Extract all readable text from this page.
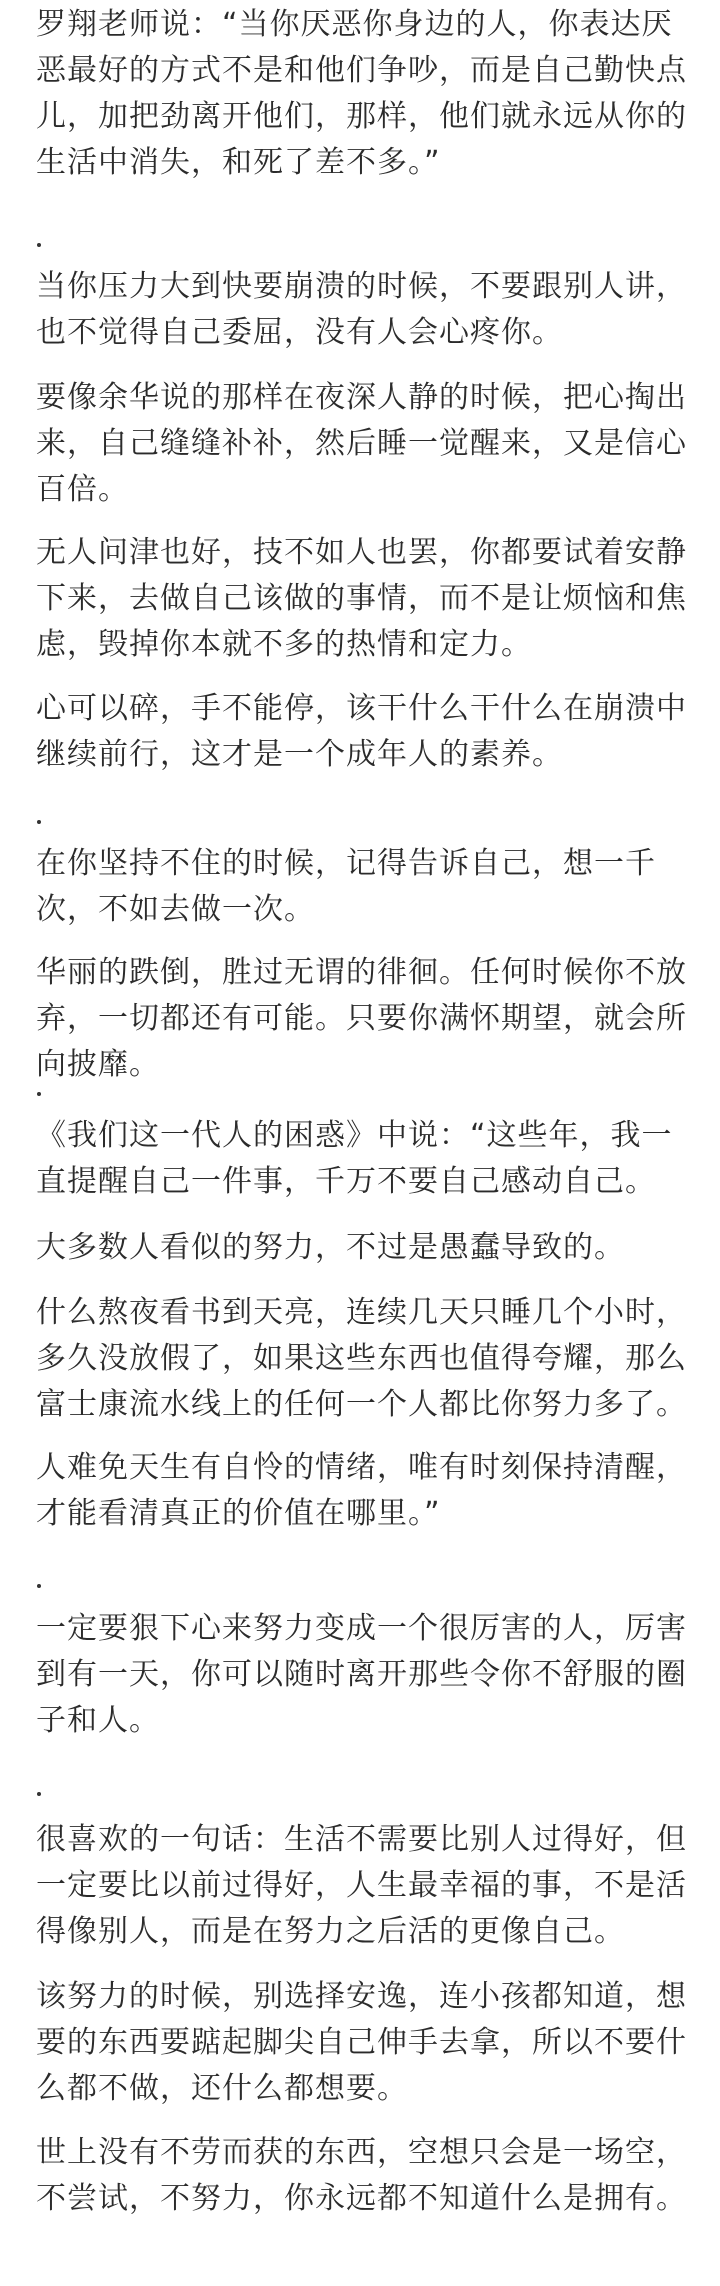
罗翔老师说：“当你厌恶你身边的人，你表达厌
恶最好的方式不是和他们争吵，而是自己勤快点
儿，加把劲离开他们，那样，他们就永远从你的
生活中消失，和死了差不多。”

当你压力大到快要崩溃的时候，不要跟别人讲，
也不觉得自己委屈，没有人会心疼你。

要像余华说的那样在夜深人静的时候，把心掏出
来，自己缝缝补补，然后睡一觉醒来，又是信心
百倍。

无人问津也好，技不如人也罢，你都要试着安静
下来，去做自己该做的事情，而不是让烦恼和焦
虑，毁掉你本就不多的热情和定力。

心可以碎，手不能停，该干什么干什么在崩溃中
继续前行，这才是一个成年人的素养。

在你坚持不住的时候，记得告诉自己，想一千
次，不如去做一次。

华丽的跌倒，胜过无谓的徘徊。任何时候你不放
弃，一切都还有可能。只要你满怀期望，就会所
向披靡。

《我们这一代人的困惑》中说：“这些年，我一
直提醒自己一件事，千万不要自己感动自己。

大多数人看似的努力，不过是愚蠢导致的。

什么熬夜看书到天亮，连续几天只睡几个小时，
多久没放假了，如果这些东西也值得夸耀，那么
富士康流水线上的任何一个人都比你努力多了。

人难免天生有自怜的情绪，唯有时刻保持清醒，
才能看清真正的价值在哪里。”

一定要狠下心来努力变成一个很厉害的人，厉害
到有一天，你可以随时离开那些令你不舒服的圈
子和人。

很喜欢的一句话：生活不需要比别人过得好，但
一定要比以前过得好，人生最幸福的事，不是活
得像别人，而是在努力之后活的更像自己。

该努力的时候，别选择安逸，连小孩都知道，想
要的东西要踮起脚尖自己伸手去拿，所以不要什
么都不做，还什么都想要。

世上没有不劳而获的东西，空想只会是一场空，
不尝试，不努力，你永远都不知道什么是拥有。
